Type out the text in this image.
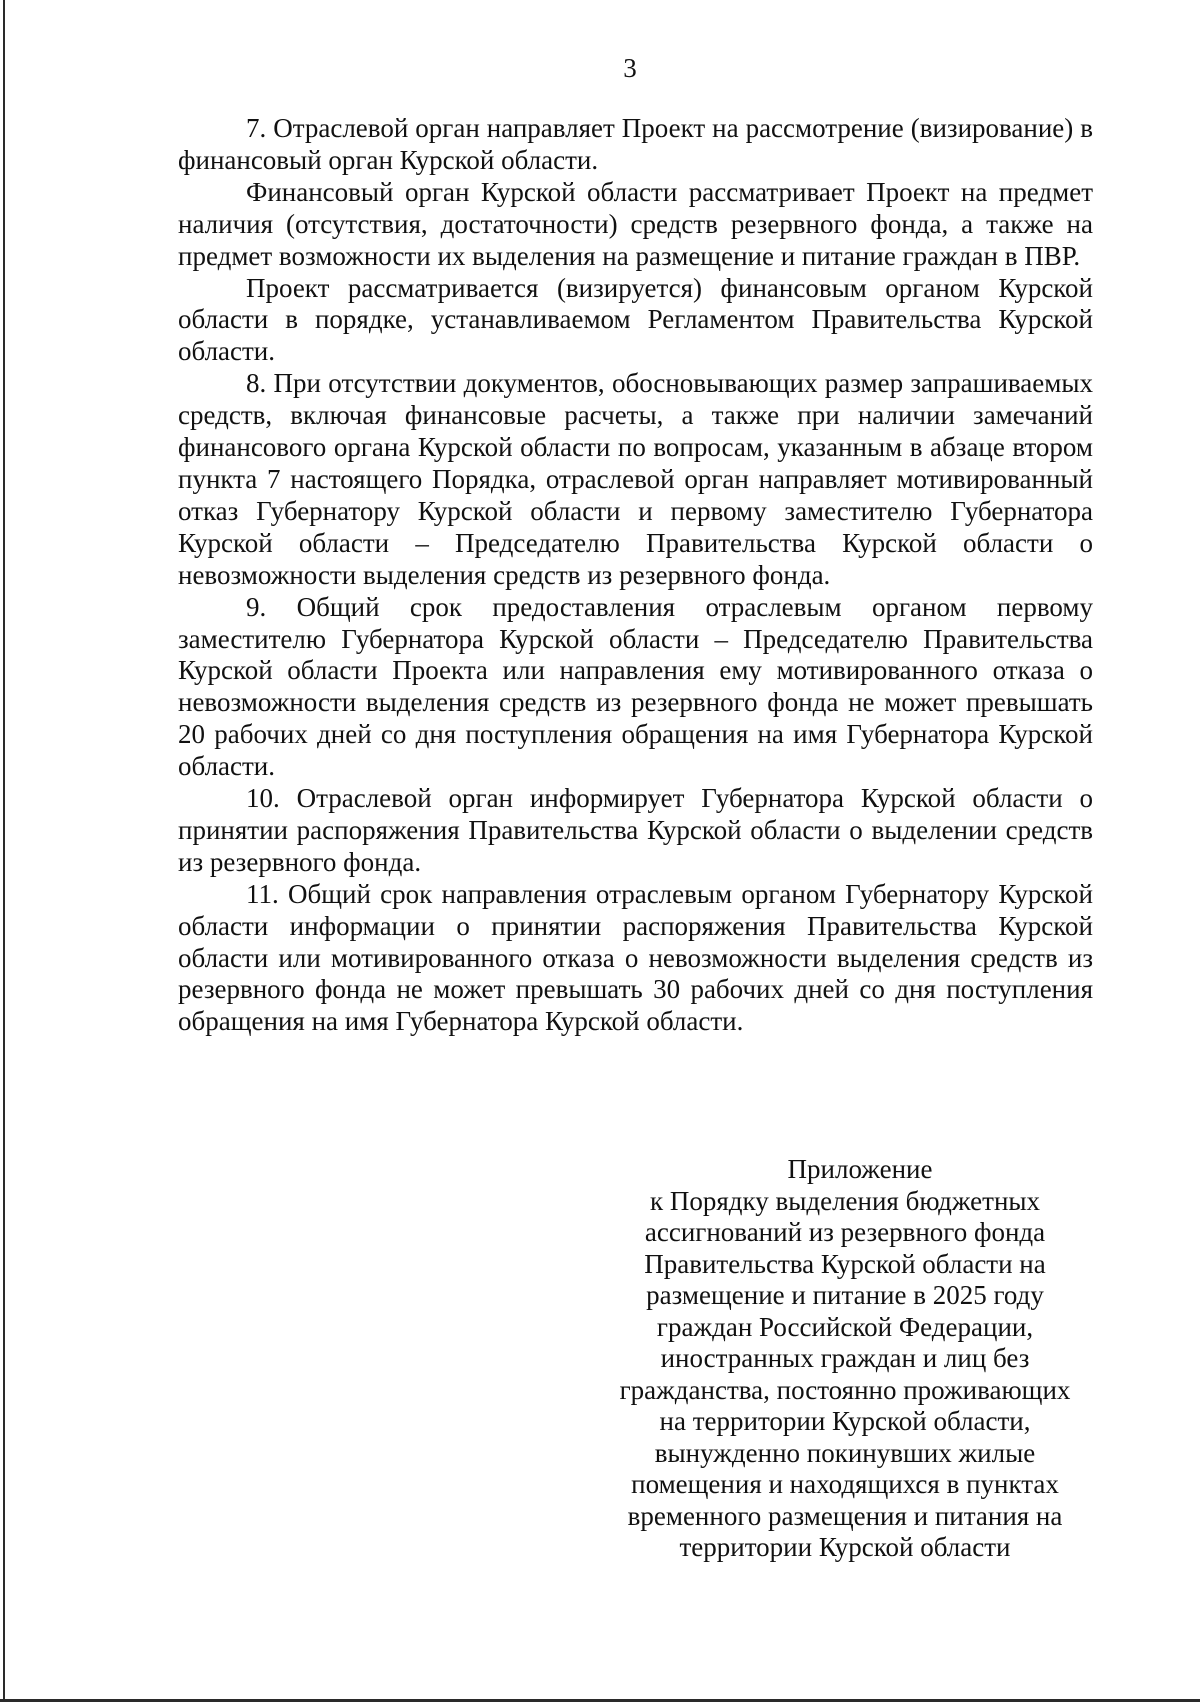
3

7. Отраслевой орган направляет Проект на рассмотрение (визирование) в финансовый орган Курской области.

Финансовый орган Курской области рассматривает Проект на предмет наличия (отсутствия, достаточности) средств резервного фонда, а также на предмет возможности их выделения на размещение и питание граждан в ПВР.

Проект рассматривается (визируется) финансовым органом Курской области в порядке, устанавливаемом Регламентом Правительства Курской области.

8. При отсутствии документов, обосновывающих размер запрашиваемых средств, включая финансовые расчеты, а также при наличии замечаний финансового органа Курской области по вопросам, указанным в абзаце втором пункта 7 настоящего Порядка, отраслевой орган направляет мотивированный отказ Губернатору Курской области и первому заместителю Губернатора Курской области – Председателю Правительства Курской области о невозможности выделения средств из резервного фонда.

9. Общий срок предоставления отраслевым органом первому заместителю Губернатора Курской области – Председателю Правительства Курской области Проекта или направления ему мотивированного отказа о невозможности выделения средств из резервного фонда не может превышать 20 рабочих дней со дня поступления обращения на имя Губернатора Курской области.

10. Отраслевой орган информирует Губернатора Курской области о принятии распоряжения Правительства Курской области о выделении средств из резервного фонда.

11. Общий срок направления отраслевым органом Губернатору Курской области информации о принятии распоряжения Правительства Курской области или мотивированного отказа о невозможности выделения средств из резервного фонда не может превышать 30 рабочих дней со дня поступления обращения на имя Губернатора Курской области.

Приложение

к Порядку выделения бюджетных
ассигнований из резервного фонда
Правительства Курской области на
размещение и питание в 2025 году
граждан Российской Федерации,
иностранных граждан и лиц без
гражданства, постоянно проживающих
на территории Курской области,
вынужденно покинувших жилые
помещения и находящихся в пунктах
временного размещения и питания на
территории Курской области
